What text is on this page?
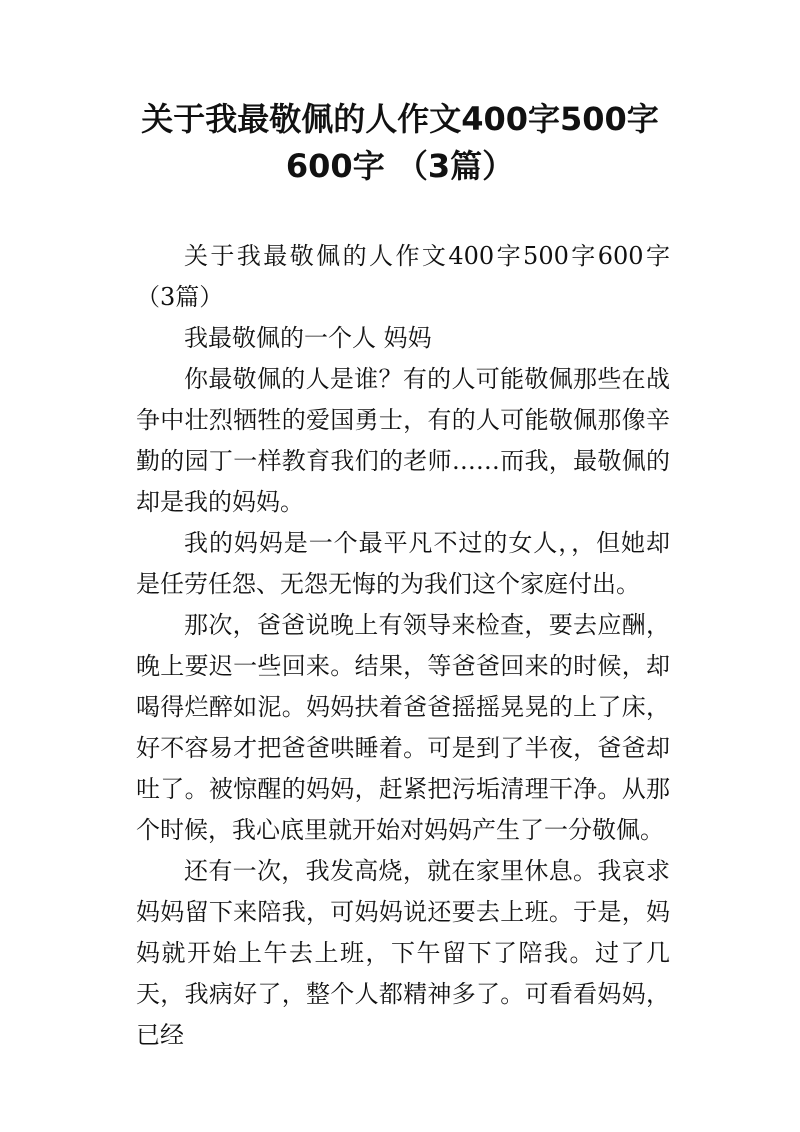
关于我最敬佩的人作文400字500字
600字 （3篇）

关于我最敬佩的人作文400字500字600字（3篇）

我最敬佩的一个人 妈妈

你最敬佩的人是谁？有的人可能敬佩那些在战争中壮烈牺牲的爱国勇士，有的人可能敬佩那像辛勤的园丁一样教育我们的老师……而我，最敬佩的却是我的妈妈。

我的妈妈是一个最平凡不过的女人，，但她却是任劳任怨、无怨无悔的为我们这个家庭付出。

那次，爸爸说晚上有领导来检查，要去应酬，晚上要迟一些回来。结果，等爸爸回来的时候，却喝得烂醉如泥。妈妈扶着爸爸摇摇晃晃的上了床，好不容易才把爸爸哄睡着。可是到了半夜，爸爸却吐了。被惊醒的妈妈，赶紧把污垢清理干净。从那个时候，我心底里就开始对妈妈产生了一分敬佩。

还有一次，我发高烧，就在家里休息。我哀求妈妈留下来陪我，可妈妈说还要去上班。于是，妈妈就开始上午去上班，下午留下了陪我。过了几天，我病好了，整个人都精神多了。可看看妈妈，已经
